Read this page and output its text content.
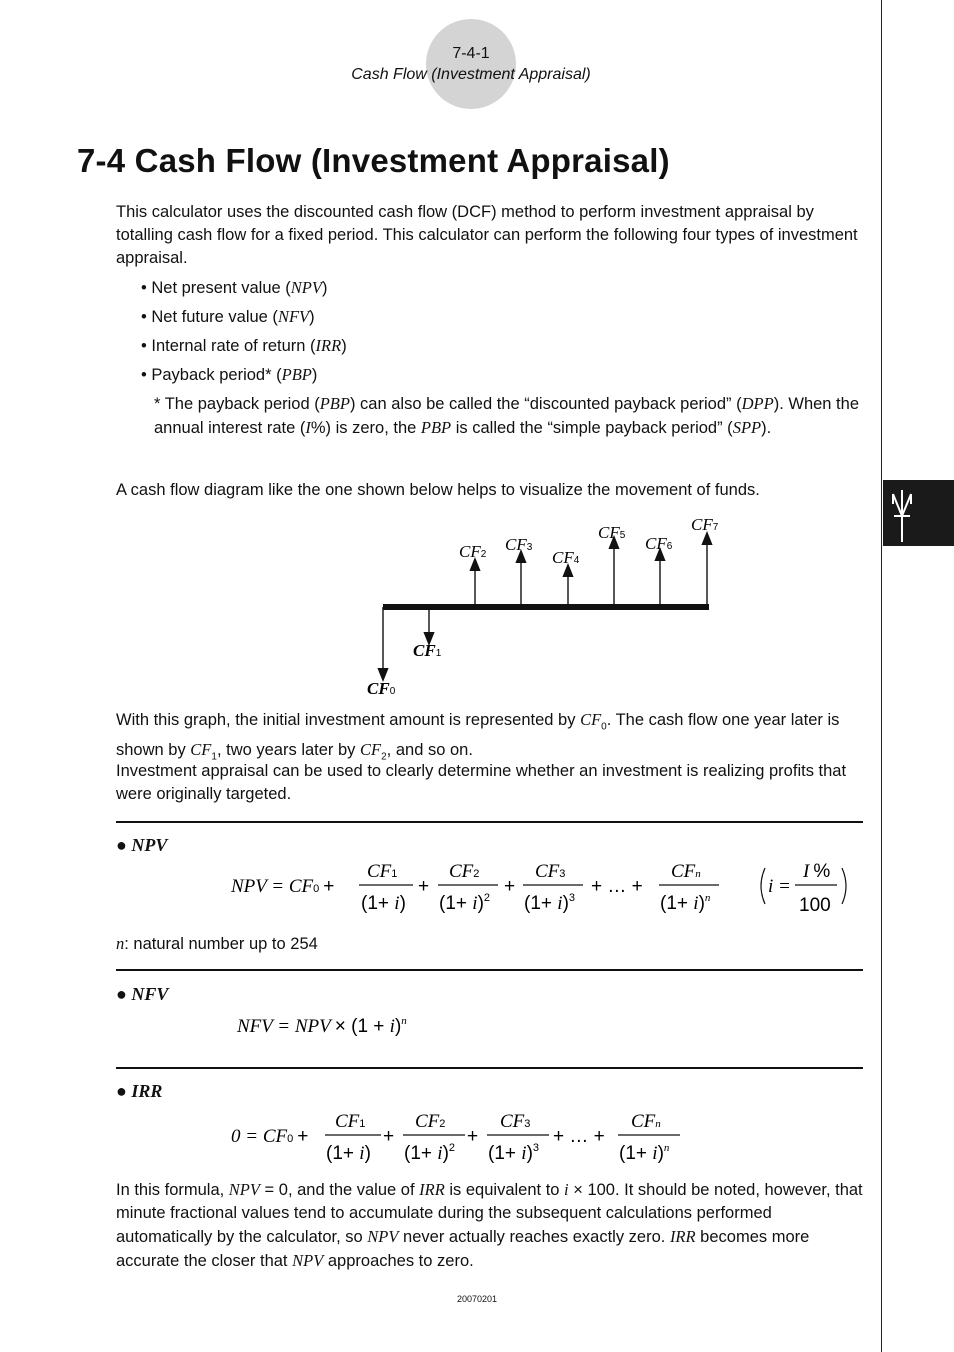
7-4-1
Cash Flow (Investment Appraisal)
7-4 Cash Flow (Investment Appraisal)
This calculator uses the discounted cash flow (DCF) method to perform investment appraisal by totalling cash flow for a fixed period. This calculator can perform the following four types of investment appraisal.
• Net present value (NPV)
• Net future value (NFV)
• Internal rate of return (IRR)
• Payback period* (PBP)
* The payback period (PBP) can also be called the “discounted payback period” (DPP). When the annual interest rate (I%) is zero, the PBP is called the “simple payback period” (SPP).
A cash flow diagram like the one shown below helps to visualize the movement of funds.
CF0
CF1
CF2
CF3
CF4
CF5 CF6
CF7
With this graph, the initial investment amount is represented by $CF_0$. The cash flow one year later is shown by $CF_1$, two years later by $CF_2$, and so on.
Investment appraisal can be used to clearly determine whether an investment is realizing profits that were originally targeted.
● NPV
NPV = CF0 +
CF1
(1+ i)
+
CF2
$(1+ i)^2$
+
CF3
$(1+ i)^3$
+ … +
CFn
$(1+ i)^n$
i =
I %
100
n: natural number up to 254
● NFV
NFV = NPV × $(1 + i)^n$
● IRR
0 = CF0 +
CF1
(1+ i)
+
CF2
$(1+ i)^2$
+
CF3
$(1+ i)^3$
+ … +
CFn
$(1+ i)^n$
In this formula, NPV = 0, and the value of IRR is equivalent to i × 100. It should be noted, however, that minute fractional values tend to accumulate during the subsequent calculations performed automatically by the calculator, so NPV never actually reaches exactly zero. IRR becomes more accurate the closer that NPV approaches to zero.
20070201
